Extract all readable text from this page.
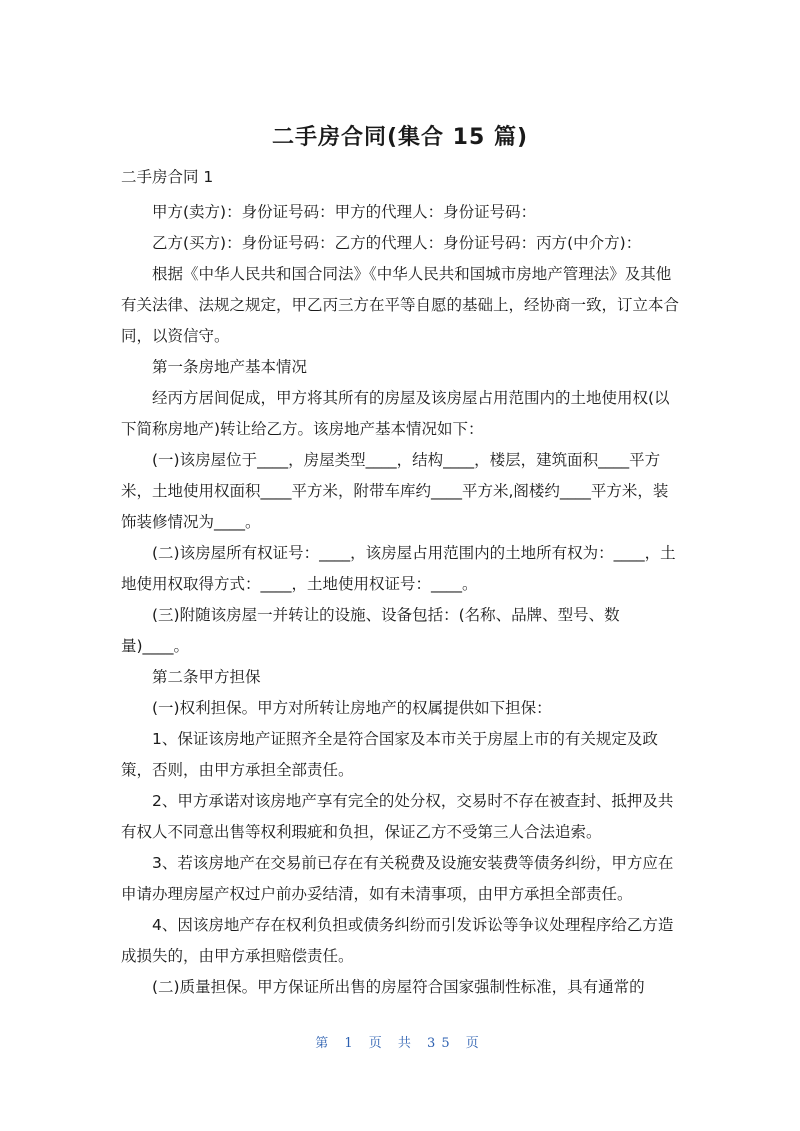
二手房合同(集合 15 篇)

二手房合同 1

甲方(卖方)：身份证号码：甲方的代理人：身份证号码：

乙方(买方)：身份证号码：乙方的代理人：身份证号码：丙方(中介方)：

根据《中华人民共和国合同法》《中华人民共和国城市房地产管理法》及其他有关法律、法规之规定，甲乙丙三方在平等自愿的基础上，经协商一致，订立本合同，以资信守。

第一条房地产基本情况

经丙方居间促成，甲方将其所有的房屋及该房屋占用范围内的土地使用权(以下简称房地产)转让给乙方。该房地产基本情况如下：

(一)该房屋位于____，房屋类型____，结构____，楼层，建筑面积____平方米，土地使用权面积____平方米，附带车库约____平方米,阁楼约____平方米，装饰装修情况为____。

(二)该房屋所有权证号：____，该房屋占用范围内的土地所有权为：____，土地使用权取得方式：____，土地使用权证号：____。

(三)附随该房屋一并转让的设施、设备包括：(名称、品牌、型号、数量)____。

第二条甲方担保

(一)权利担保。甲方对所转让房地产的权属提供如下担保：

1、保证该房地产证照齐全是符合国家及本市关于房屋上市的有关规定及政策，否则，由甲方承担全部责任。

2、甲方承诺对该房地产享有完全的处分权，交易时不存在被查封、抵押及共有权人不同意出售等权利瑕疵和负担，保证乙方不受第三人合法追索。

3、若该房地产在交易前已存在有关税费及设施安装费等债务纠纷，甲方应在申请办理房屋产权过户前办妥结清，如有未清事项，由甲方承担全部责任。

4、因该房地产存在权利负担或债务纠纷而引发诉讼等争议处理程序给乙方造成损失的，由甲方承担赔偿责任。

(二)质量担保。甲方保证所出售的房屋符合国家强制性标准，具有通常的

第 1 页 共 35 页
